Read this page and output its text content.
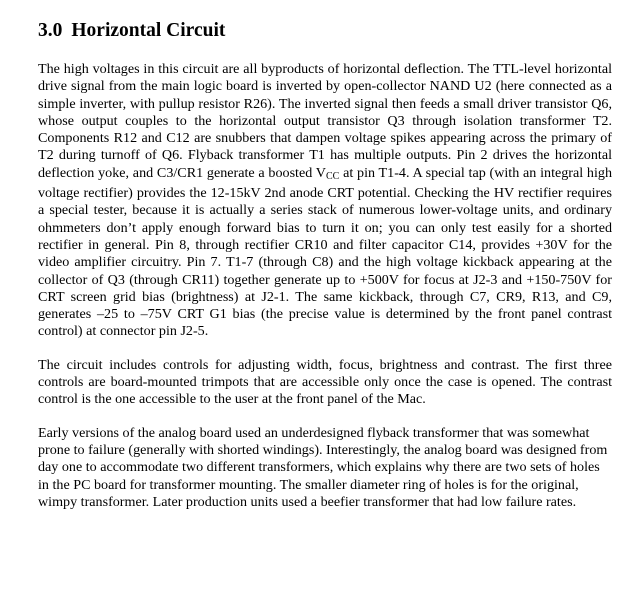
3.0 Horizontal Circuit

The high voltages in this circuit are all byproducts of horizontal deflection. The TTL-level horizontal drive signal from the main logic board is inverted by open-collector NAND U2 (here connected as a simple inverter, with pullup resistor R26). The inverted signal then feeds a small driver transistor Q6, whose output couples to the horizontal output transistor Q3 through isolation transformer T2. Components R12 and C12 are snubbers that dampen voltage spikes appearing across the primary of T2 during turnoff of Q6. Flyback transformer T1 has multiple outputs. Pin 2 drives the horizontal deflection yoke, and C3/CR1 generate a boosted $V_{CC}$ at pin T1-4. A special tap (with an integral high voltage rectifier) provides the 12-15kV 2nd anode CRT potential. Checking the HV rectifier requires a special tester, because it is actually a series stack of numerous lower-voltage units, and ordinary ohmmeters don’t apply enough forward bias to turn it on; you can only test easily for a shorted rectifier in general. Pin 8, through rectifier CR10 and filter capacitor C14, provides +30V for the video amplifier circuitry. Pin 7. T1-7 (through C8) and the high voltage kickback appearing at the collector of Q3 (through CR11) together generate up to +500V for focus at J2-3 and +150-750V for CRT screen grid bias (brightness) at J2-1. The same kickback, through C7, CR9, R13, and C9, generates –25 to –75V CRT G1 bias (the precise value is determined by the front panel contrast control) at connector pin J2-5.

The circuit includes controls for adjusting width, focus, brightness and contrast. The first three controls are board-mounted trimpots that are accessible only once the case is opened. The contrast control is the one accessible to the user at the front panel of the Mac.

Early versions of the analog board used an underdesigned flyback transformer that was somewhat prone to failure (generally with shorted windings). Interestingly, the analog board was designed from day one to accommodate two different transformers, which explains why there are two sets of holes in the PC board for transformer mounting. The smaller diameter ring of holes is for the original, wimpy transformer. Later production units used a beefier transformer that had low failure rates.
